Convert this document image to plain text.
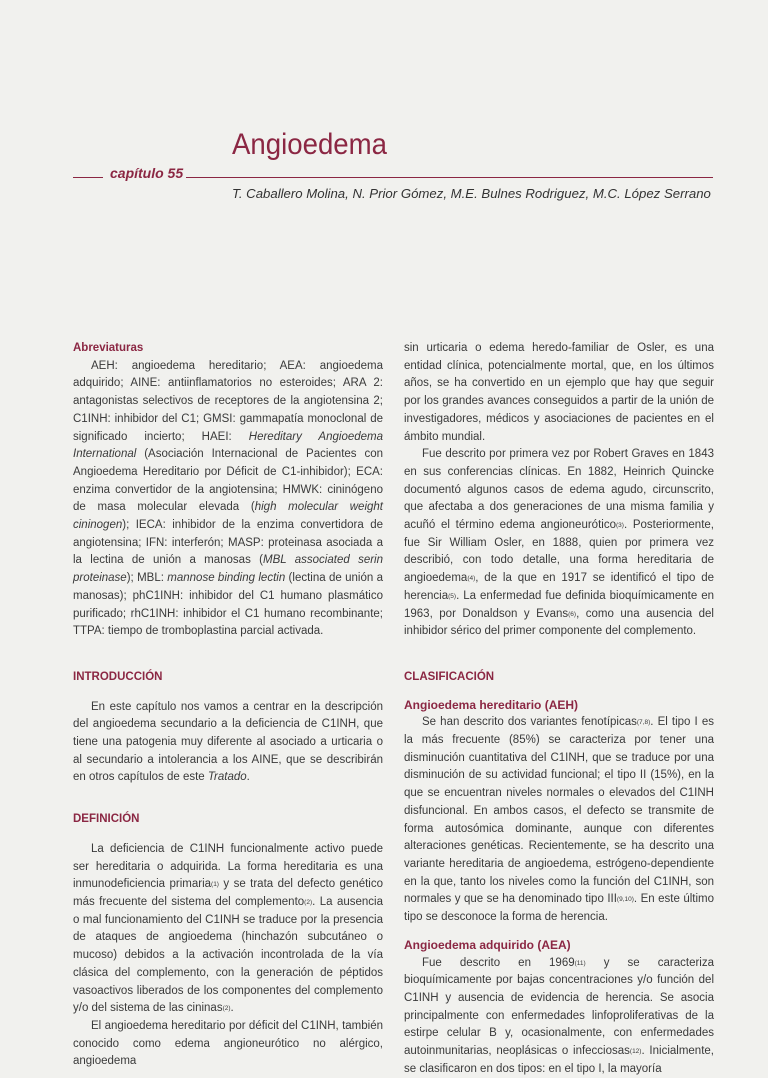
Angioedema
capítulo 55
T. Caballero Molina, N. Prior Gómez, M.E. Bulnes Rodriguez, M.C. López Serrano

Abreviaturas

AEH: angioedema hereditario; AEA: angioedema adquirido; AINE: antiinflamatorios no esteroides; ARA 2: antagonistas selectivos de receptores de la angiotensina 2; C1INH: inhibidor del C1; GMSI: gammapatía monoclonal de significado incierto; HAEI: Hereditary Angioedema International (Asociación Internacional de Pacientes con Angioedema Hereditario por Déficit de C1-inhibidor); ECA: enzima convertidor de la angiotensina; HMWK: cininógeno de masa molecular elevada (high molecular weight cininogen); IECA: inhibidor de la enzima convertidora de angiotensina; IFN: interferón; MASP: proteinasa asociada a la lectina de unión a manosas (MBL associated serin proteinase); MBL: mannose binding lectin (lectina de unión a manosas); phC1INH: inhibidor del C1 humano plasmático purificado; rhC1INH: inhibidor el C1 humano recombinante; TTPA: tiempo de tromboplastina parcial activada.

INTRODUCCIÓN

En este capítulo nos vamos a centrar en la descripción del angioedema secundario a la deficiencia de C1INH, que tiene una patogenia muy diferente al asociado a urticaria o al secundario a intolerancia a los AINE, que se describirán en otros capítulos de este Tratado.

DEFINICIÓN

La deficiencia de C1INH funcionalmente activo puede ser hereditaria o adquirida. La forma hereditaria es una inmunodeficiencia primaria$^{(1)}$ y se trata del defecto genético más frecuente del sistema del complemento$^{(2)}$. La ausencia o mal funcionamiento del C1INH se traduce por la presencia de ataques de angioedema (hinchazón subcutáneo o mucoso) debidos a la activación incontrolada de la vía clásica del complemento, con la generación de péptidos vasoactivos liberados de los componentes del complemento y/o del sistema de las cininas$^{(2)}$.

El angioedema hereditario por déficit del C1INH, también conocido como edema angioneurótico no alérgico, angioedema

sin urticaria o edema heredo-familiar de Osler, es una entidad clínica, potencialmente mortal, que, en los últimos años, se ha convertido en un ejemplo que hay que seguir por los grandes avances conseguidos a partir de la unión de investigadores, médicos y asociaciones de pacientes en el ámbito mundial.

Fue descrito por primera vez por Robert Graves en 1843 en sus conferencias clínicas. En 1882, Heinrich Quincke documentó algunos casos de edema agudo, circunscrito, que afectaba a dos generaciones de una misma familia y acuñó el término edema angioneurótico$^{(3)}$. Posteriormente, fue Sir William Osler, en 1888, quien por primera vez describió, con todo detalle, una forma hereditaria de angioedema$^{(4)}$, de la que en 1917 se identificó el tipo de herencia$^{(5)}$. La enfermedad fue definida bioquímicamente en 1963, por Donaldson y Evans$^{(6)}$, como una ausencia del inhibidor sérico del primer componente del complemento.

CLASIFICACIÓN

Angioedema hereditario (AEH)

Se han descrito dos variantes fenotípicas$^{(7,8)}$. El tipo I es la más frecuente (85%) se caracteriza por tener una disminución cuantitativa del C1INH, que se traduce por una disminución de su actividad funcional; el tipo II (15%), en la que se encuentran niveles normales o elevados del C1INH disfuncional. En ambos casos, el defecto se transmite de forma autosómica dominante, aunque con diferentes alteraciones genéticas. Recientemente, se ha descrito una variante hereditaria de angioedema, estrógeno-dependiente en la que, tanto los niveles como la función del C1INH, son normales y que se ha denominado tipo III$^{(9,10)}$. En este último tipo se desconoce la forma de herencia.

Angioedema adquirido (AEA)

Fue descrito en 1969$^{(11)}$ y se caracteriza bioquímicamente por bajas concentraciones y/o función del C1INH y ausencia de evidencia de herencia. Se asocia principalmente con enfermedades linfoproliferativas de la estirpe celular B y, ocasionalmente, con enfermedades autoinmunitarias, neoplásicas o infecciosas$^{(12)}$. Inicialmente, se clasificaron en dos tipos: en el tipo I, la mayoría
